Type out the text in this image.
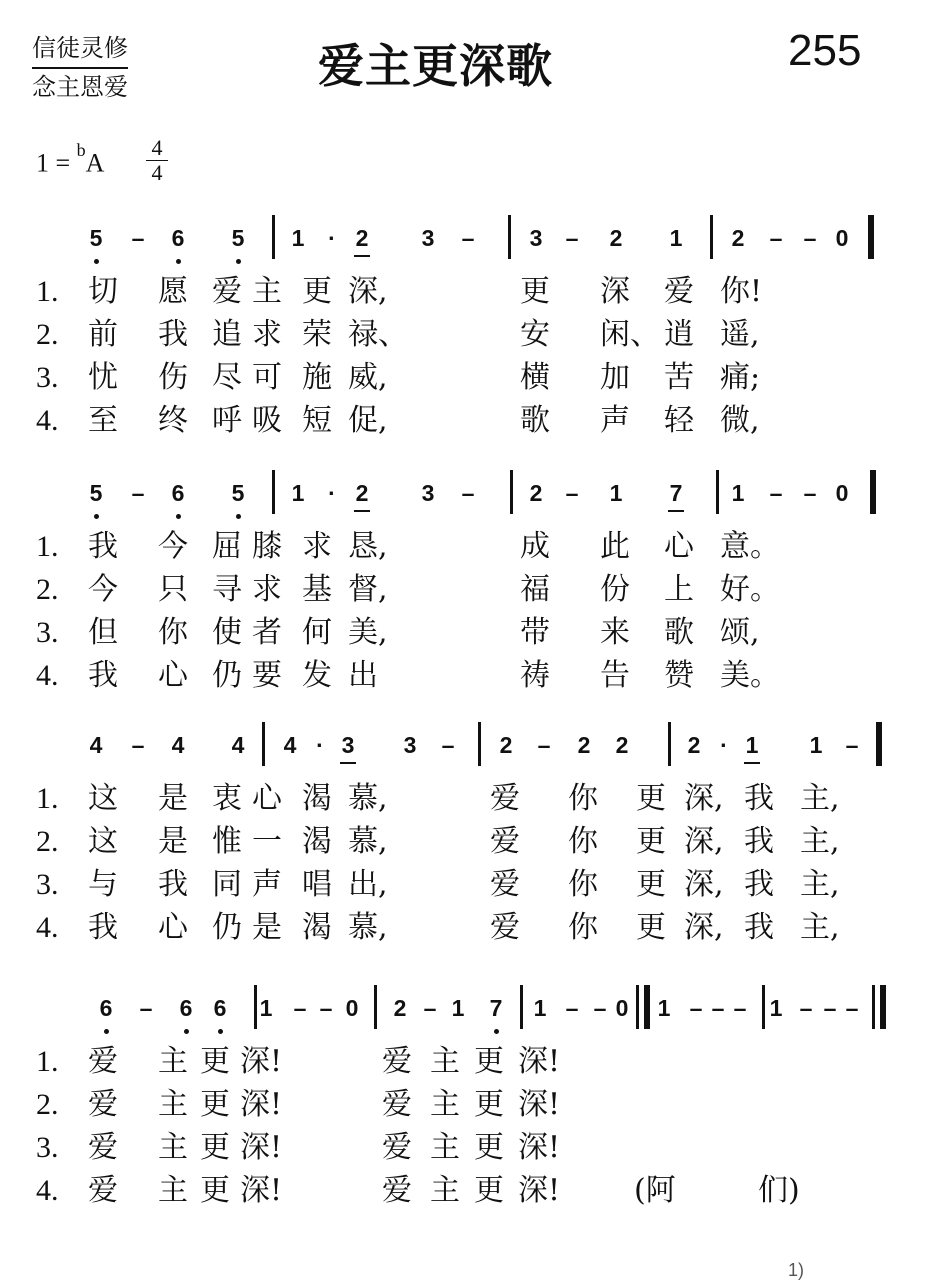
信徒灵修
念主恩爱	爱主更深歌	255
1 = $^b$A
4
4
5 – 6 5 1	· 2 3 – 3 – 2 1 2 – – 0
1. 切 愿 爱 主 更 深,	更 深 爱 你!
2. 前 我 追 求 荣 禄、	安 闲、 逍 遥,
3. 忧 伤 尽 可 施 威,	横 加 苦 痛;
4. 至 终 呼 吸 短 促,	歌 声 轻 微,
5 – 6 5 1	· 2 3 – 2 – 1 7 1 – – 0
1. 我 今 屈 膝 求 恳,	成 此 心 意。
2. 今 只 寻 求 基 督,	福 份 上 好。
3. 但 你 使 者 何 美,	带 来 歌 颂,
4. 我 心 仍 要 发 出	祷 告 赞 美。
4 – 4 4 4 · 3 3 – 2 – 2 2	2 · 1 1 –
1. 这 是 衷 心 渴 慕,	爱 你 更 深, 我 主,
2. 这 是 惟 一 渴 慕,	爱 你 更 深, 我 主,
3. 与 我 同 声 唱 出,	爱 你 更 深, 我 主,
4. 我 心 仍 是 渴 慕,	爱 你 更 深, 我 主,
6 – 6 6 1 – – 0 2 – 1 7 1 – – 0 1 – – – 1 – – –
1. 爱 主 更 深!	爱 主 更 深!
2. 爱 主 更 深!	爱 主 更 深!
3. 爱 主 更 深!	爱 主 更 深!
4. 爱 主 更 深!	爱 主 更 深! (阿	们)
1)
